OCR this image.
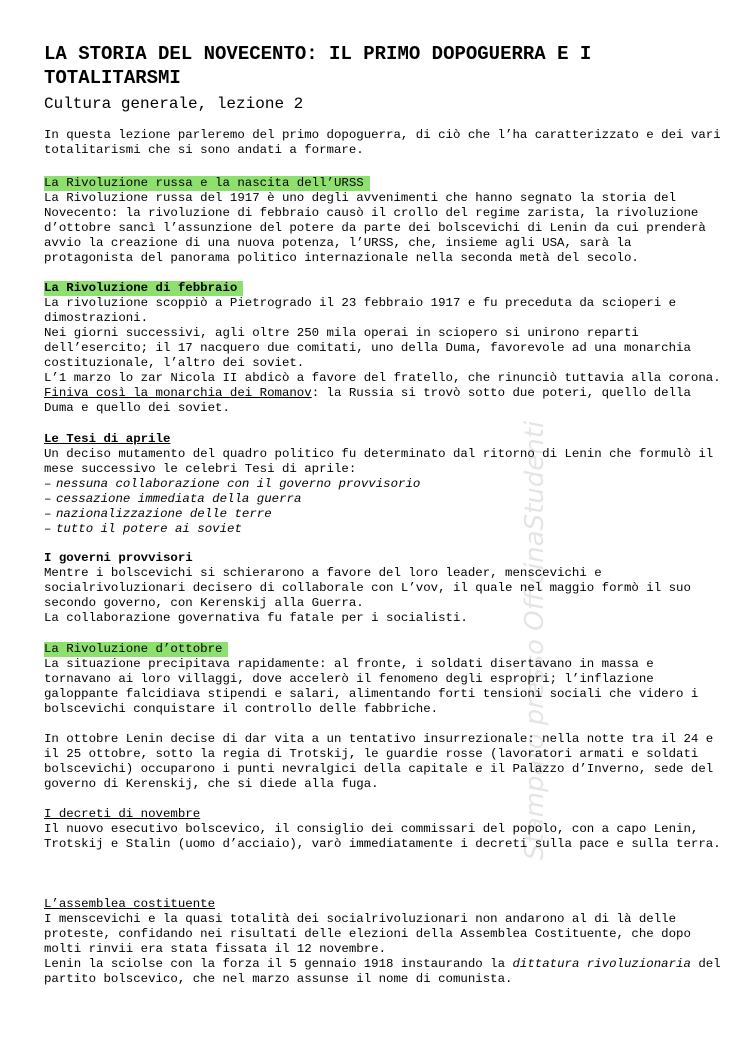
LA STORIA DEL NOVECENTO: IL PRIMO DOPOGUERRA E I

TOTALITARSMI

Cultura generale, lezione 2

In questa lezione parleremo del primo dopoguerra, di ciò che l’ha caratterizzato e dei vari totalitarismi che si sono andati a formare.

La Rivoluzione russa e la nascita dell’URSS

La Rivoluzione russa del 1917 è uno degli avvenimenti che hanno segnato la storia del Novecento: la rivoluzione di febbraio causò il crollo del regime zarista, la rivoluzione d’ottobre sancì l’assunzione del potere da parte dei bolscevichi di Lenin da cui prenderà avvio la creazione di una nuova potenza, l’URSS, che, insieme agli USA, sarà la protagonista del panorama politico internazionale nella seconda metà del secolo.

La Rivoluzione di febbraio

La rivoluzione scoppiò a Pietrogrado il 23 febbraio 1917 e fu preceduta da scioperi e dimostrazioni.

Nei giorni successivi, agli oltre 250 mila operai in sciopero si unirono reparti dell’esercito; il 17 nacquero due comitati, uno della Duma, favorevole ad una monarchia costituzionale, l’altro dei soviet.

L’1 marzo lo zar Nicola II abdicò a favore del fratello, che rinunciò tuttavia alla corona. Finiva così la monarchia dei Romanov: la Russia si trovò sotto due poteri, quello della Duma e quello dei soviet.

Le Tesi di aprile

Un deciso mutamento del quadro politico fu determinato dal ritorno di Lenin che formulò il mese successivo le celebri Tesi di aprile:

– nessuna collaborazione con il governo provvisorio
– cessazione immediata della guerra
– nazionalizzazione delle terre
– tutto il potere ai soviet
I governi provvisori

Mentre i bolscevichi si schierarono a favore del loro leader, menscevichi e socialrivoluzionari decisero di collaborale con L’vov, il quale nel maggio formò il suo secondo governo, con Kerenskij alla Guerra.

La collaborazione governativa fu fatale per i socialisti.

La Rivoluzione d’ottobre

La situazione precipitava rapidamente: al fronte, i soldati disertavano in massa e tornavano ai loro villaggi, dove accelerò il fenomeno degli espropri; l’inflazione galoppante falcidiava stipendi e salari, alimentando forti tensioni sociali che videro i bolscevichi conquistare il controllo delle fabbriche.

In ottobre Lenin decise di dar vita a un tentativo insurrezionale: nella notte tra il 24 e il 25 ottobre, sotto la regia di Trotskij, le guardie rosse (lavoratori armati e soldati bolscevichi) occuparono i punti nevralgici della capitale e il Palazzo d’Inverno, sede del governo di Kerenskij, che si diede alla fuga.

I decreti di novembre

Il nuovo esecutivo bolscevico, il consiglio dei commissari del popolo, con a capo Lenin, Trotskij e Stalin (uomo d’acciaio), varò immediatamente i decreti sulla pace e sulla terra.

L’assemblea costituente

I menscevichi e la quasi totalità dei socialrivoluzionari non andarono al di là delle proteste, confidando nei risultati delle elezioni della Assemblea Costituente, che dopo molti rinvii era stata fissata il 12 novembre.

Lenin la sciolse con la forza il 5 gennaio 1918 instaurando la dittatura rivoluzionaria del partito bolscevico, che nel marzo assunse il nome di comunista.

Stampato presso OfficinaStudenti
